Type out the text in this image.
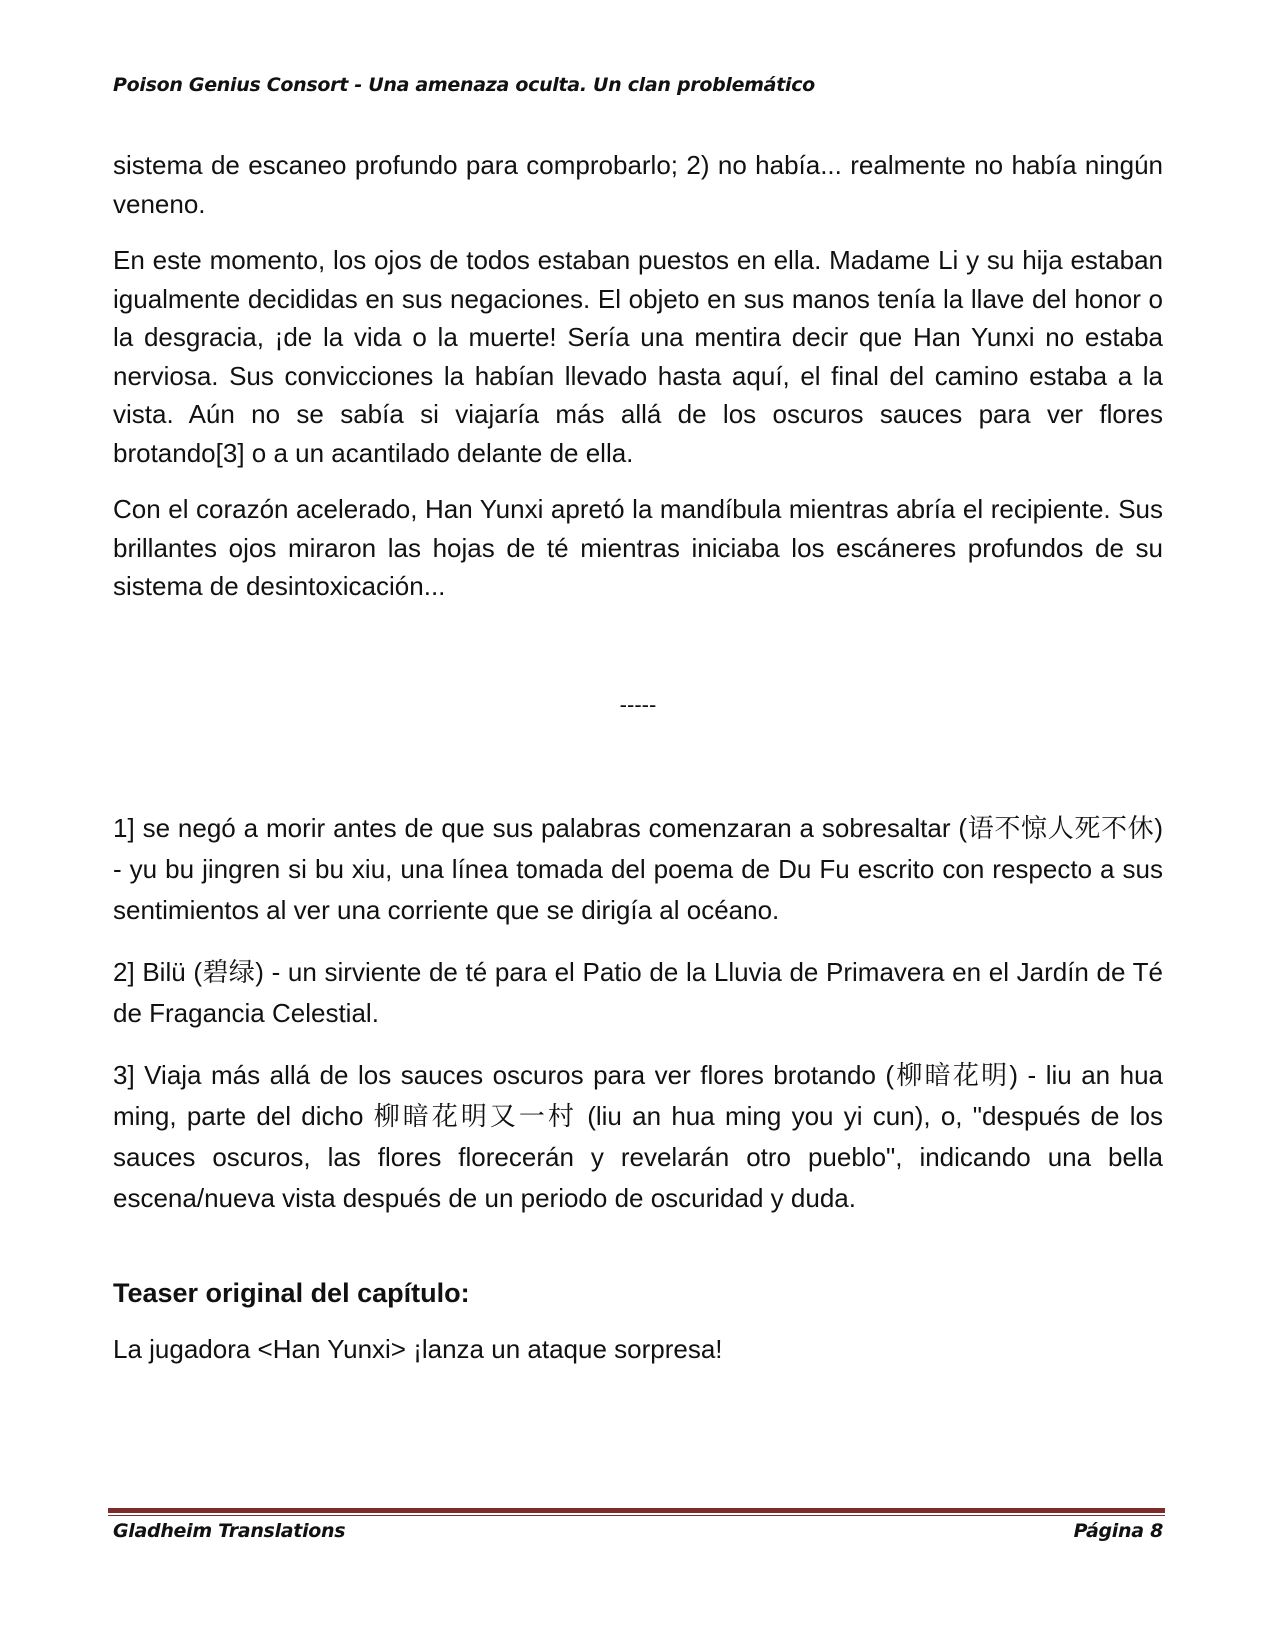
Poison Genius Consort - Una amenaza oculta. Un clan problemático

sistema de escaneo profundo para comprobarlo; 2) no había... realmente no había ningún veneno.

En este momento, los ojos de todos estaban puestos en ella. Madame Li y su hija estaban igualmente decididas en sus negaciones. El objeto en sus manos tenía la llave del honor o la desgracia, ¡de la vida o la muerte! Sería una mentira decir que Han Yunxi no estaba nerviosa. Sus convicciones la habían llevado hasta aquí, el final del camino estaba a la vista. Aún no se sabía si viajaría más allá de los oscuros sauces para ver flores brotando[3] o a un acantilado delante de ella.

Con el corazón acelerado, Han Yunxi apretó la mandíbula mientras abría el recipiente. Sus brillantes ojos miraron las hojas de té mientras iniciaba los escáneres profundos de su sistema de desintoxicación...

-----

1] se negó a morir antes de que sus palabras comenzaran a sobresaltar (语不惊人死不休) - yu bu jingren si bu xiu, una línea tomada del poema de Du Fu escrito con respecto a sus sentimientos al ver una corriente que se dirigía al océano.

2] Bilü (碧绿) - un sirviente de té para el Patio de la Lluvia de Primavera en el Jardín de Té de Fragancia Celestial.

3] Viaja más allá de los sauces oscuros para ver flores brotando (柳暗花明) - liu an hua ming, parte del dicho 柳暗花明又一村 (liu an hua ming you yi cun), o, "después de los sauces oscuros, las flores florecerán y revelarán otro pueblo", indicando una bella escena/nueva vista después de un periodo de oscuridad y duda.

Teaser original del capítulo:

La jugadora <Han Yunxi> ¡lanza un ataque sorpresa!

Gladheim Translations	Página 8
